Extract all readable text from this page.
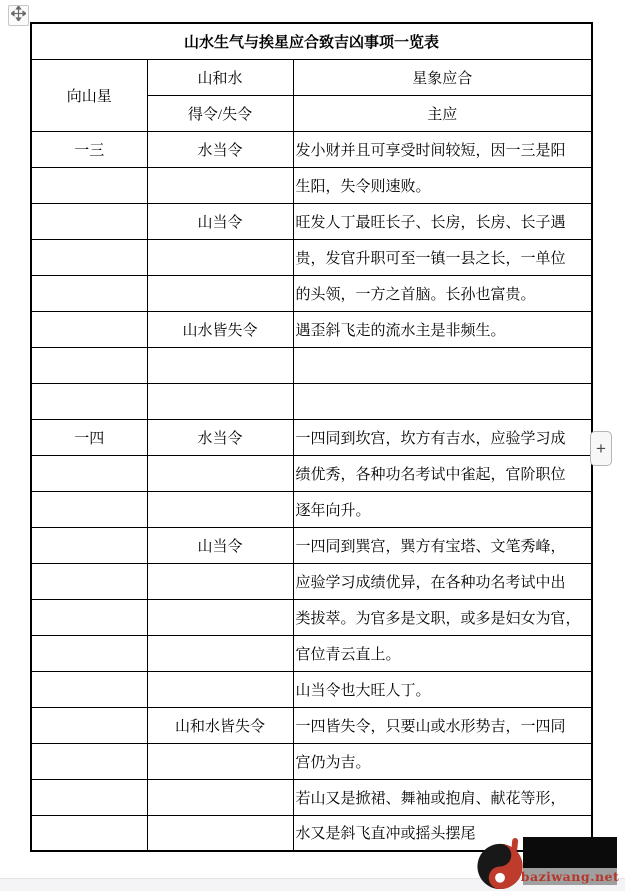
山水生气与挨星应合致吉凶事项一览表		
向山星	山和水	星象应合
	得令/失令	主应
一三	水当令	发小财并且可享受时间较短，因一三是阳
		生阳，失令则速败。
	山当令	旺发人丁最旺长子、长房，长房、长子遇
		贵，发官升职可至一镇一县之长，一单位
		的头领，一方之首脑。长孙也富贵。
	山水皆失令	遇歪斜飞走的流水主是非频生。

一四	水当令	一四同到坎宫，坎方有吉水，应验学习成
		绩优秀，各种功名考试中雀起，官阶职位
		逐年向升。
	山当令	一四同到巽宫，巽方有宝塔、文笔秀峰，
		应验学习成绩优异，在各种功名考试中出
		类拔萃。为官多是文职，或多是妇女为官，
		官位青云直上。
		山当令也大旺人丁。
	山和水皆失令	一四皆失令，只要山或水形势吉，一四同
		宫仍为吉。
		若山又是掀裙、舞袖或抱肩、献花等形，
		水又是斜飞直冲或摇头摆尾
+
baziwang.net
